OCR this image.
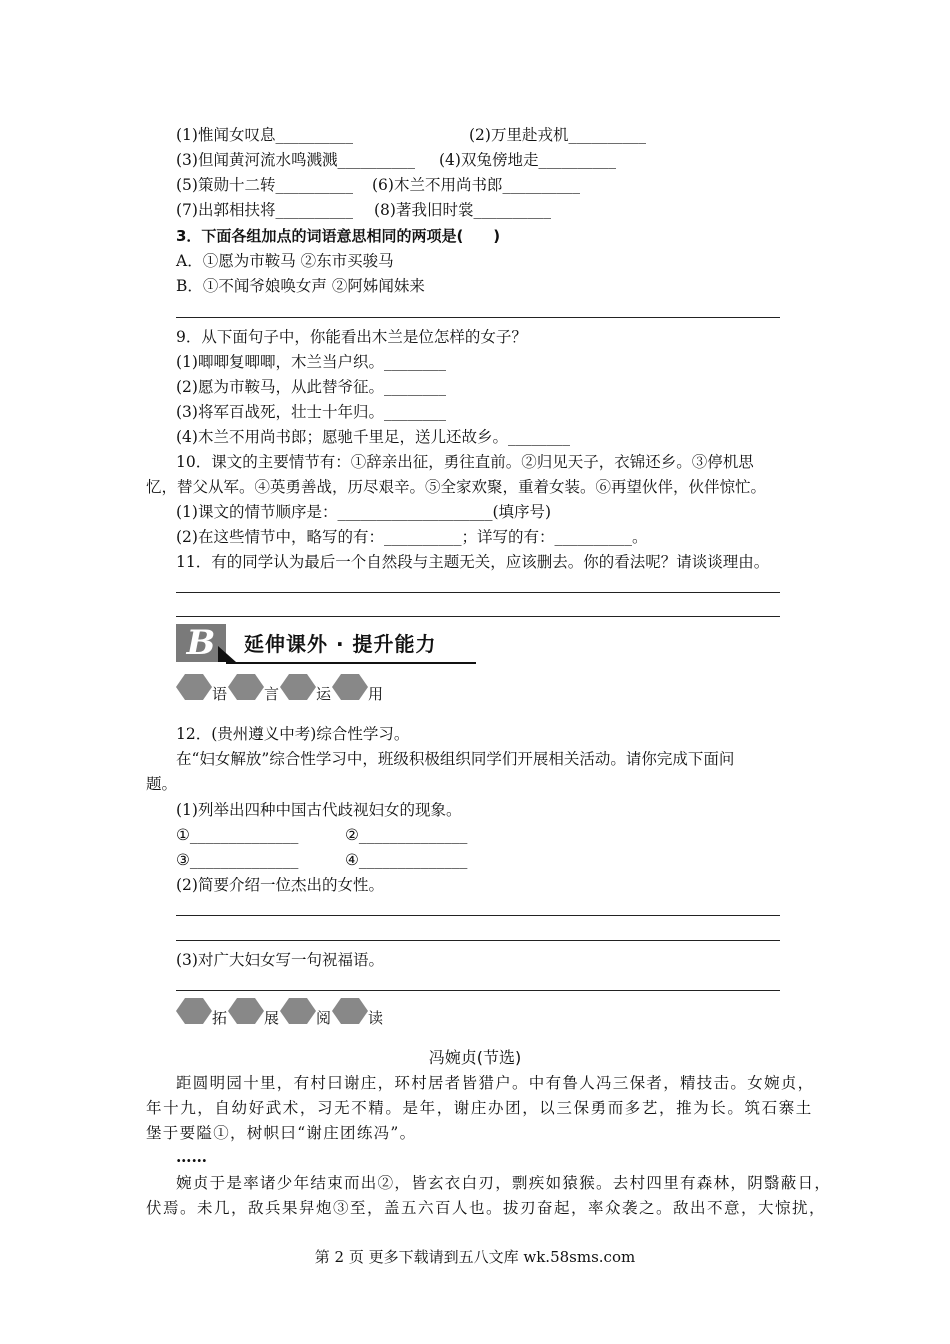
(1)惟闻女叹息__________	(2)万里赴戎机__________
(3)但闻黄河流水鸣溅溅__________ (4)双兔傍地走__________
(5)策勋十二转__________ (6)木兰不用尚书郎__________
(7)出郭相扶将__________ (8)著我旧时裳__________
3．下面各组加点的词语意思相同的两项是(　　)
A．①愿为市鞍马 ②东市买骏马
B．①不闻爷娘唤女声 ②阿姊闻妹来
9．从下面句子中，你能看出木兰是位怎样的女子？
(1)唧唧复唧唧，木兰当户织。________
(2)愿为市鞍马，从此替爷征。________
(3)将军百战死，壮士十年归。________
(4)木兰不用尚书郎；愿驰千里足，送儿还故乡。________
10．课文的主要情节有：①辞亲出征，勇往直前。②归见天子，衣锦还乡。③停机思
忆，替父从军。④英勇善战，历尽艰辛。⑤全家欢聚，重着女装。⑥再望伙伴，伙伴惊忙。
(1)课文的情节顺序是：____________________(填序号)
(2)在这些情节中，略写的有：__________；详写的有：__________。
11．有的同学认为最后一个自然段与主题无关，应该删去。你的看法呢？请谈谈理由。
B	延伸课外 · 提升能力
语 言 运 用
12．(贵州遵义中考)综合性学习。
在“妇女解放”综合性学习中，班级积极组织同学们开展相关活动。请你完成下面问
题。
(1)列举出四种中国古代歧视妇女的现象。
①______________	②______________
③______________	④______________
(2)简要介绍一位杰出的女性。
(3)对广大妇女写一句祝福语。
拓 展 阅 读
冯婉贞(节选)
距圆明园十里，有村曰谢庄，环村居者皆猎户。中有鲁人冯三保者，精技击。女婉贞，
年十九，自幼好武术，习无不精。是年，谢庄办团，以三保勇而多艺，推为长。筑石寨土
堡于要隘①，树帜曰“谢庄团练冯”。
……
婉贞于是率诸少年结束而出②，皆玄衣白刃，剽疾如猿猴。去村四里有森林，阴翳蔽日，
伏焉。未几，敌兵果舁炮③至，盖五六百人也。拔刃奋起，率众袭之。敌出不意，大惊扰，
第 2 页 更多下载请到五八文库 wk.58sms.com
